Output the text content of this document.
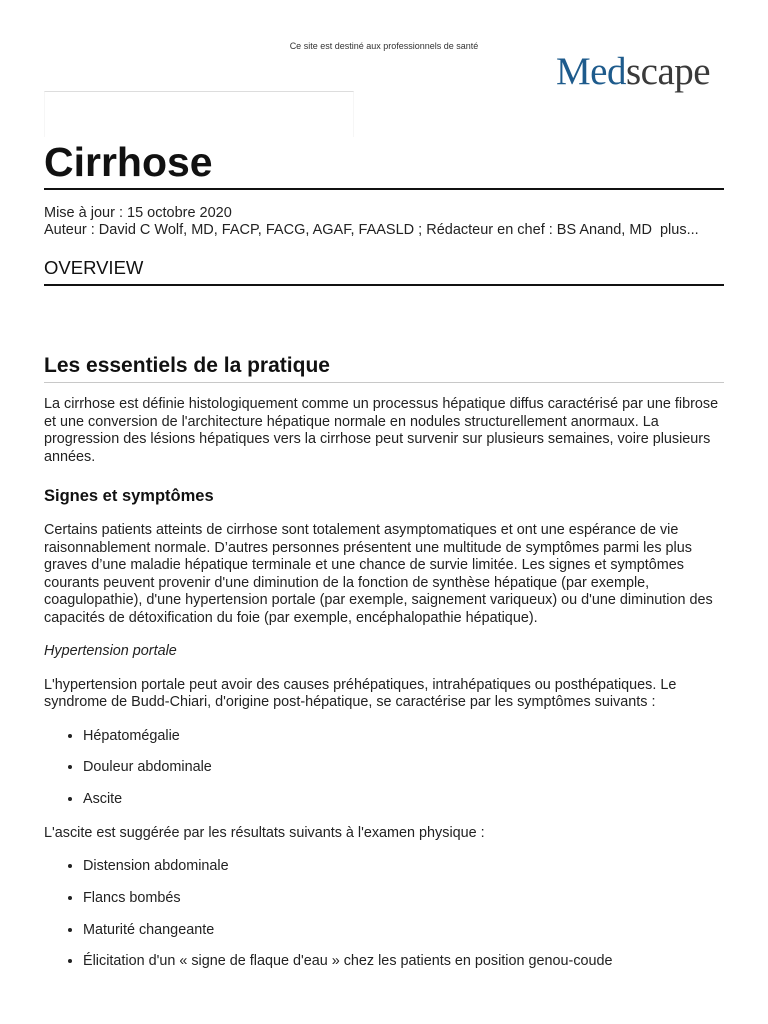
Ce site est destiné aux professionnels de santé
Medscape
Cirrhose
Mise à jour : 15 octobre 2020
Auteur : David C Wolf, MD, FACP, FACG, AGAF, FAASLD ; Rédacteur en chef : BS Anand, MD plus...
OVERVIEW
Les essentiels de la pratique

La cirrhose est définie histologiquement comme un processus hépatique diffus caractérisé par une fibrose et une conversion de l'architecture hépatique normale en nodules structurellement anormaux. La progression des lésions hépatiques vers la cirrhose peut survenir sur plusieurs semaines, voire plusieurs années.

Signes et symptômes

Certains patients atteints de cirrhose sont totalement asymptomatiques et ont une espérance de vie raisonnablement normale. D’autres personnes présentent une multitude de symptômes parmi les plus graves d’une maladie hépatique terminale et une chance de survie limitée. Les signes et symptômes courants peuvent provenir d'une diminution de la fonction de synthèse hépatique (par exemple, coagulopathie), d'une hypertension portale (par exemple, saignement variqueux) ou d'une diminution des capacités de détoxification du foie (par exemple, encéphalopathie hépatique).

Hypertension portale

L'hypertension portale peut avoir des causes préhépatiques, intrahépatiques ou posthépatiques. Le syndrome de Budd-Chiari, d'origine post-hépatique, se caractérise par les symptômes suivants :

• Hépatomégalie
• Douleur abdominale
• Ascite

L'ascite est suggérée par les résultats suivants à l'examen physique :

• Distension abdominale
• Flancs bombés
• Maturité changeante
• Élicitation d'un « signe de flaque d'eau » chez les patients en position genou-coude
